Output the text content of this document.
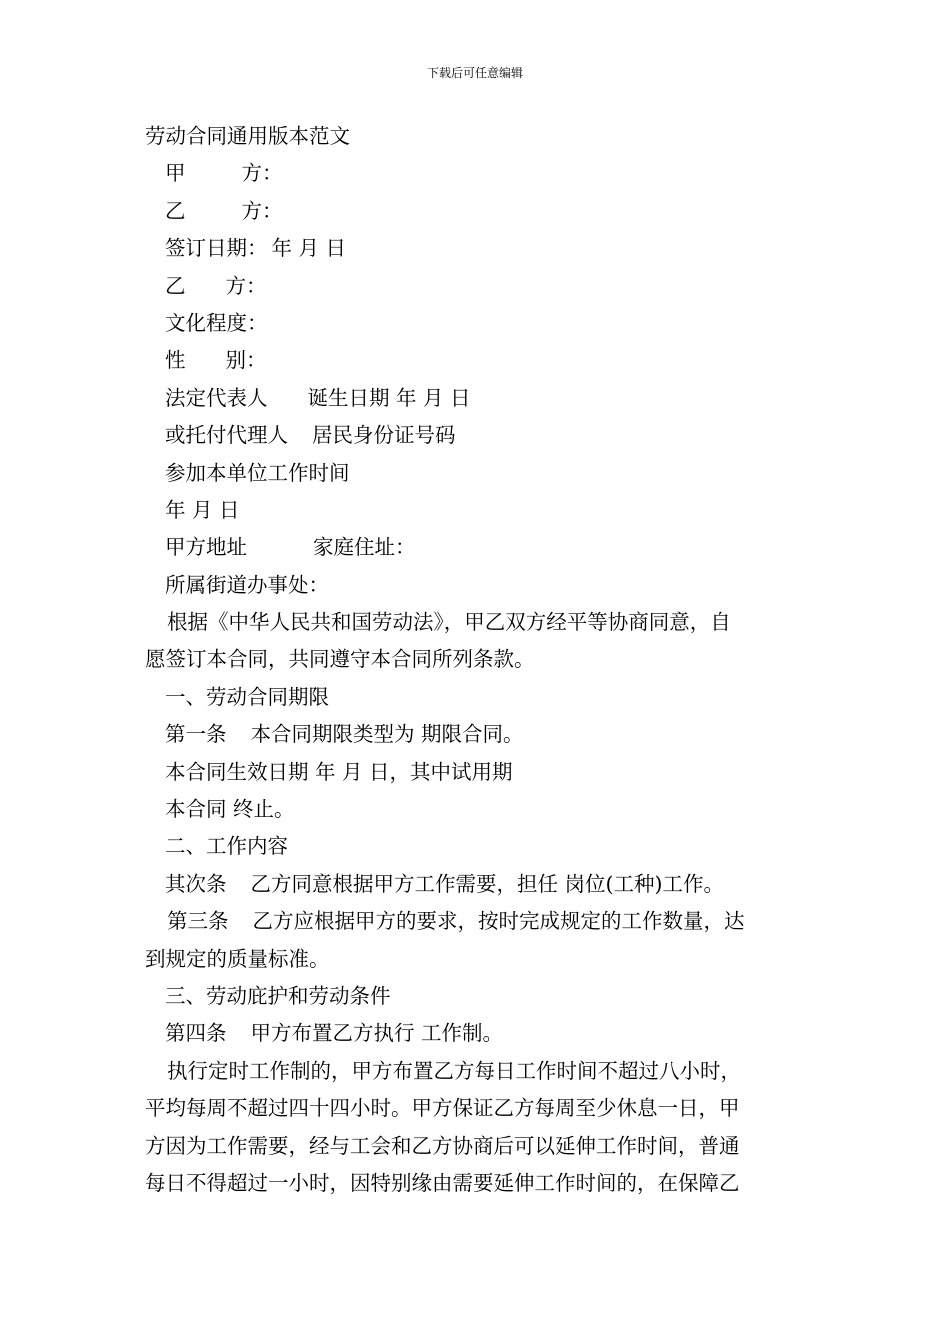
下载后可任意编辑
劳动合同通用版本范文
甲	方：
乙	方：
签订日期： 年 月 日
乙 方：
文化程度：
性 别：
法定代表人 诞生日期 年 月 日
或托付代理人 居民身份证号码
参加本单位工作时间
年 月 日
甲方地址	家庭住址：
所属街道办事处：
根据《中华人民共和国劳动法》，甲乙双方经平等协商同意，自
愿签订本合同，共同遵守本合同所列条款。
一、劳动合同期限
第一条 本合同期限类型为 期限合同。
本合同生效日期 年 月 日，其中试用期
本合同 终止。
二、工作内容
其次条 乙方同意根据甲方工作需要，担任 岗位(工种)工作。
第三条 乙方应根据甲方的要求，按时完成规定的工作数量，达
到规定的质量标准。
三、劳动庇护和劳动条件
第四条 甲方布置乙方执行 工作制。
执行定时工作制的，甲方布置乙方每日工作时间不超过八小时，
平均每周不超过四十四小时。甲方保证乙方每周至少休息一日，甲
方因为工作需要，经与工会和乙方协商后可以延伸工作时间，普通
每日不得超过一小时，因特别缘由需要延伸工作时间的，在保障乙
